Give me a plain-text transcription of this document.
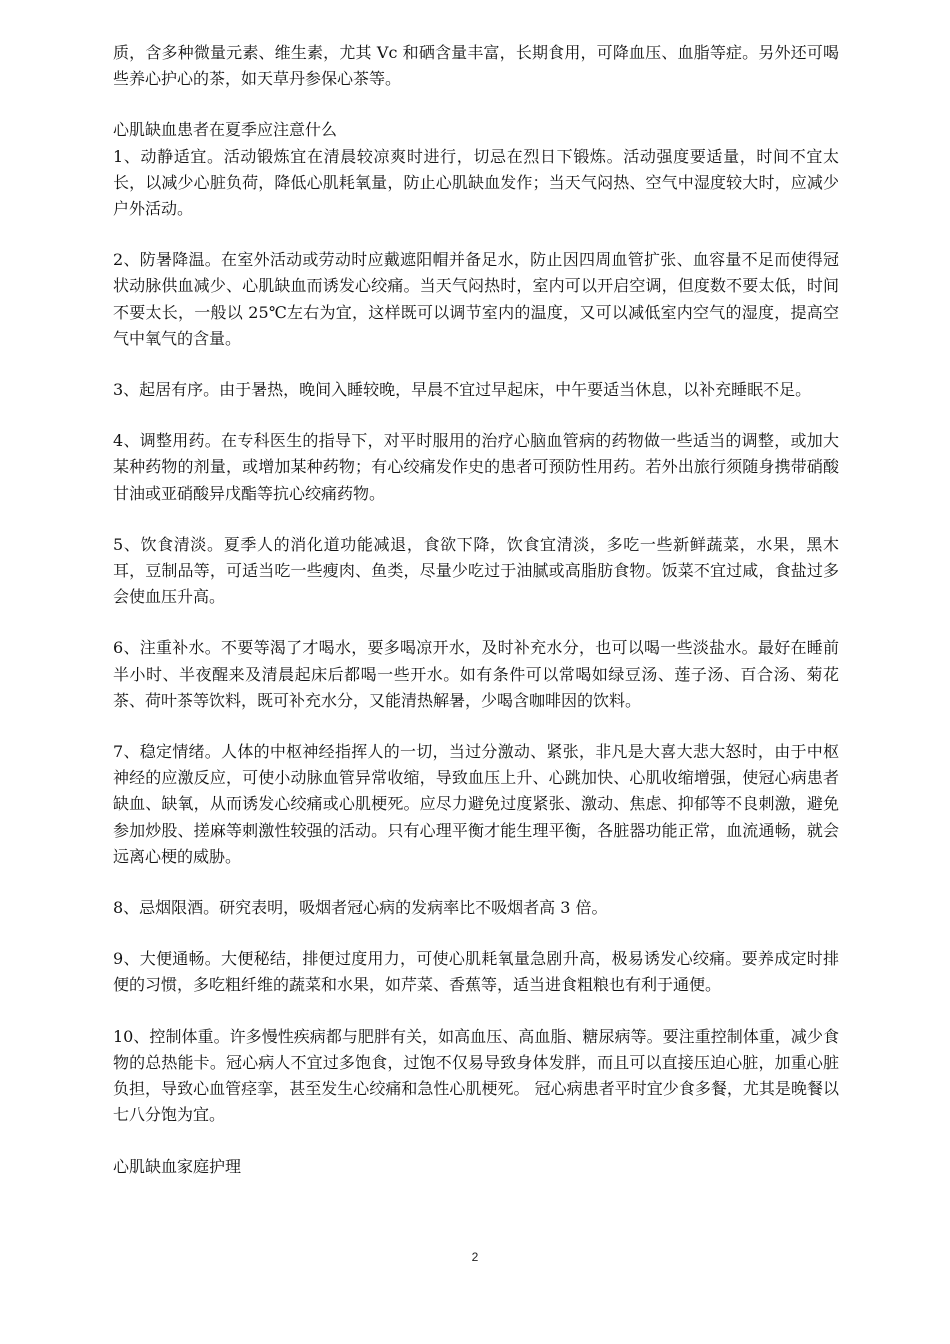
质，含多种微量元素、维生素，尤其 Vc 和硒含量丰富，长期食用，可降血压、血脂等症。另外还可喝些养心护心的茶，如天草丹参保心茶等。

心肌缺血患者在夏季应注意什么

1、动静适宜。活动锻炼宜在清晨较凉爽时进行，切忌在烈日下锻炼。活动强度要适量，时间不宜太长，以减少心脏负荷，降低心肌耗氧量，防止心肌缺血发作；当天气闷热、空气中湿度较大时，应减少户外活动。

2、防暑降温。在室外活动或劳动时应戴遮阳帽并备足水，防止因四周血管扩张、血容量不足而使得冠状动脉供血减少、心肌缺血而诱发心绞痛。当天气闷热时，室内可以开启空调，但度数不要太低，时间不要太长，一般以 25℃左右为宜，这样既可以调节室内的温度，又可以减低室内空气的湿度，提高空气中氧气的含量。

3、起居有序。由于暑热，晚间入睡较晚，早晨不宜过早起床，中午要适当休息，以补充睡眠不足。

4、调整用药。在专科医生的指导下，对平时服用的治疗心脑血管病的药物做一些适当的调整，或加大某种药物的剂量，或增加某种药物；有心绞痛发作史的患者可预防性用药。若外出旅行须随身携带硝酸甘油或亚硝酸异戊酯等抗心绞痛药物。

5、饮食清淡。夏季人的消化道功能减退，食欲下降，饮食宜清淡，多吃一些新鲜蔬菜，水果，黑木耳，豆制品等，可适当吃一些瘦肉、鱼类，尽量少吃过于油腻或高脂肪食物。饭菜不宜过咸，食盐过多会使血压升高。

6、注重补水。不要等渴了才喝水，要多喝凉开水，及时补充水分，也可以喝一些淡盐水。最好在睡前半小时、半夜醒来及清晨起床后都喝一些开水。如有条件可以常喝如绿豆汤、莲子汤、百合汤、菊花茶、荷叶茶等饮料，既可补充水分，又能清热解暑，少喝含咖啡因的饮料。

7、稳定情绪。人体的中枢神经指挥人的一切，当过分激动、紧张，非凡是大喜大悲大怒时，由于中枢神经的应激反应，可使小动脉血管异常收缩，导致血压上升、心跳加快、心肌收缩增强，使冠心病患者缺血、缺氧，从而诱发心绞痛或心肌梗死。应尽力避免过度紧张、激动、焦虑、抑郁等不良刺激，避免参加炒股、搓麻等刺激性较强的活动。只有心理平衡才能生理平衡，各脏器功能正常，血流通畅，就会远离心梗的威胁。

8、忌烟限酒。研究表明，吸烟者冠心病的发病率比不吸烟者高 3 倍。

9、大便通畅。大便秘结，排便过度用力，可使心肌耗氧量急剧升高，极易诱发心绞痛。要养成定时排便的习惯，多吃粗纤维的蔬菜和水果，如芹菜、香蕉等，适当进食粗粮也有利于通便。

10、控制体重。许多慢性疾病都与肥胖有关，如高血压、高血脂、糖尿病等。要注重控制体重，减少食物的总热能卡。冠心病人不宜过多饱食，过饱不仅易导致身体发胖，而且可以直接压迫心脏，加重心脏负担，导致心血管痉挛，甚至发生心绞痛和急性心肌梗死。 冠心病患者平时宜少食多餐，尤其是晚餐以七八分饱为宜。

心肌缺血家庭护理

2
